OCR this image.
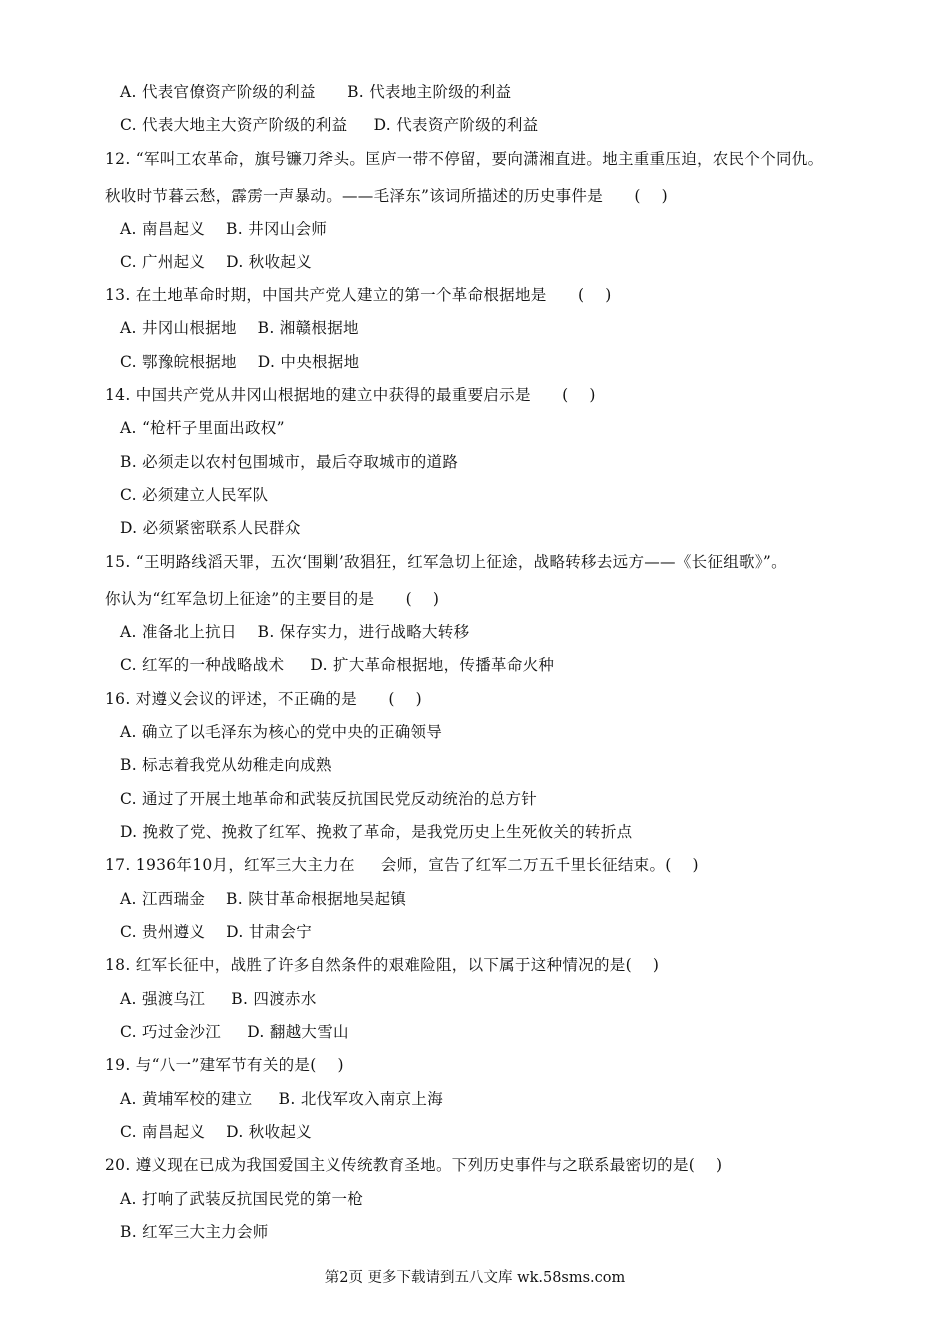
A. 代表官僚资产阶级的利益      B. 代表地主阶级的利益
C. 代表大地主大资产阶级的利益     D. 代表资产阶级的利益
12. “军叫工农革命，旗号镰刀斧头。匡庐一带不停留，要向潇湘直进。地主重重压迫，农民个个同仇。
秋收时节暮云愁，霹雳一声暴动。——毛泽东”该词所描述的历史事件是      (    )
A. 南昌起义    B. 井冈山会师
C. 广州起义    D. 秋收起义
13. 在土地革命时期，中国共产党人建立的第一个革命根据地是      (    )
A. 井冈山根据地    B. 湘赣根据地
C. 鄂豫皖根据地    D. 中央根据地
14. 中国共产党从井冈山根据地的建立中获得的最重要启示是      (    )
A. “枪杆子里面出政权”
B. 必须走以农村包围城市，最后夺取城市的道路
C. 必须建立人民军队
D. 必须紧密联系人民群众
15. “王明路线滔天罪，五次‘围剿’敌猖狂，红军急切上征途，战略转移去远方——《长征组歌》”。
你认为“红军急切上征途”的主要目的是      (    )
A. 准备北上抗日    B. 保存实力，进行战略大转移
C. 红军的一种战略战术     D. 扩大革命根据地，传播革命火种
16. 对遵义会议的评述，不正确的是      (    )
A. 确立了以毛泽东为核心的党中央的正确领导
B. 标志着我党从幼稚走向成熟
C. 通过了开展土地革命和武装反抗国民党反动统治的总方针
D. 挽救了党、挽救了红军、挽救了革命，是我党历史上生死攸关的转折点
17. 1936年10月，红军三大主力在     会师，宣告了红军二万五千里长征结束。(    )
A. 江西瑞金    B. 陕甘革命根据地吴起镇
C. 贵州遵义    D. 甘肃会宁
18. 红军长征中，战胜了许多自然条件的艰难险阻，以下属于这种情况的是(    )
A. 强渡乌江     B. 四渡赤水
C. 巧过金沙江     D. 翻越大雪山
19. 与“八一”建军节有关的是(    )
A. 黄埔军校的建立     B. 北伐军攻入南京上海
C. 南昌起义    D. 秋收起义
20. 遵义现在已成为我国爱国主义传统教育圣地。下列历史事件与之联系最密切的是(    )
A. 打响了武装反抗国民党的第一枪
B. 红军三大主力会师
第2页 更多下载请到五八文库 wk.58sms.com
